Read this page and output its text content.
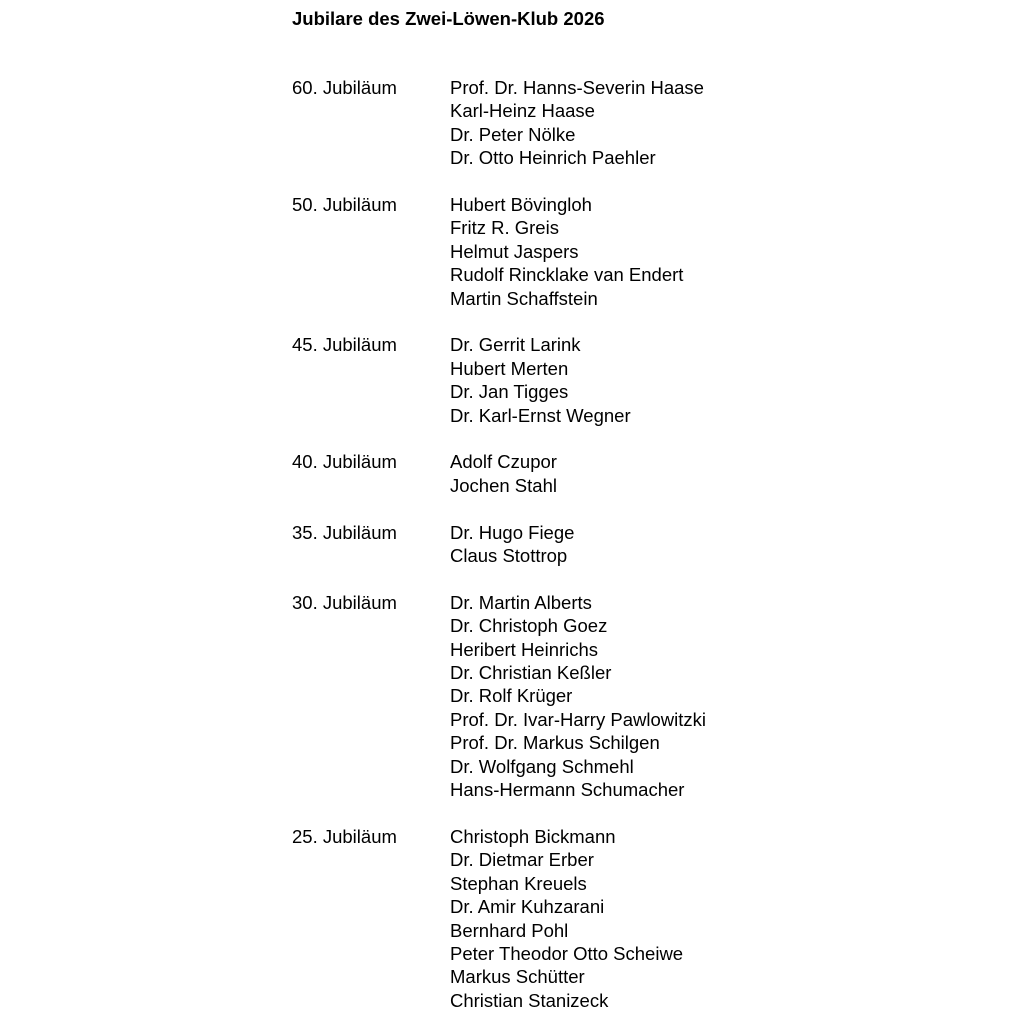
Jubilare des Zwei-Löwen-Klub 2026
60. Jubiläum	Prof. Dr. Hanns-Severin Haase
Karl-Heinz Haase
Dr. Peter Nölke
Dr. Otto Heinrich Paehler
50. Jubiläum	Hubert Bövingloh
Fritz R. Greis
Helmut Jaspers
Rudolf Rincklake van Endert
Martin Schaffstein
45. Jubiläum	Dr. Gerrit Larink
Hubert Merten
Dr. Jan Tigges
Dr. Karl-Ernst Wegner
40. Jubiläum	Adolf Czupor
Jochen Stahl
35. Jubiläum	Dr. Hugo Fiege
Claus Stottrop
30. Jubiläum	Dr. Martin Alberts
Dr. Christoph Goez
Heribert Heinrichs
Dr. Christian Keßler
Dr. Rolf Krüger
Prof. Dr. Ivar-Harry Pawlowitzki
Prof. Dr. Markus Schilgen
Dr. Wolfgang Schmehl
Hans-Hermann Schumacher
25. Jubiläum	Christoph Bickmann
Dr. Dietmar Erber
Stephan Kreuels
Dr. Amir Kuhzarani
Bernhard Pohl
Peter Theodor Otto Scheiwe
Markus Schütter
Christian Stanizeck
